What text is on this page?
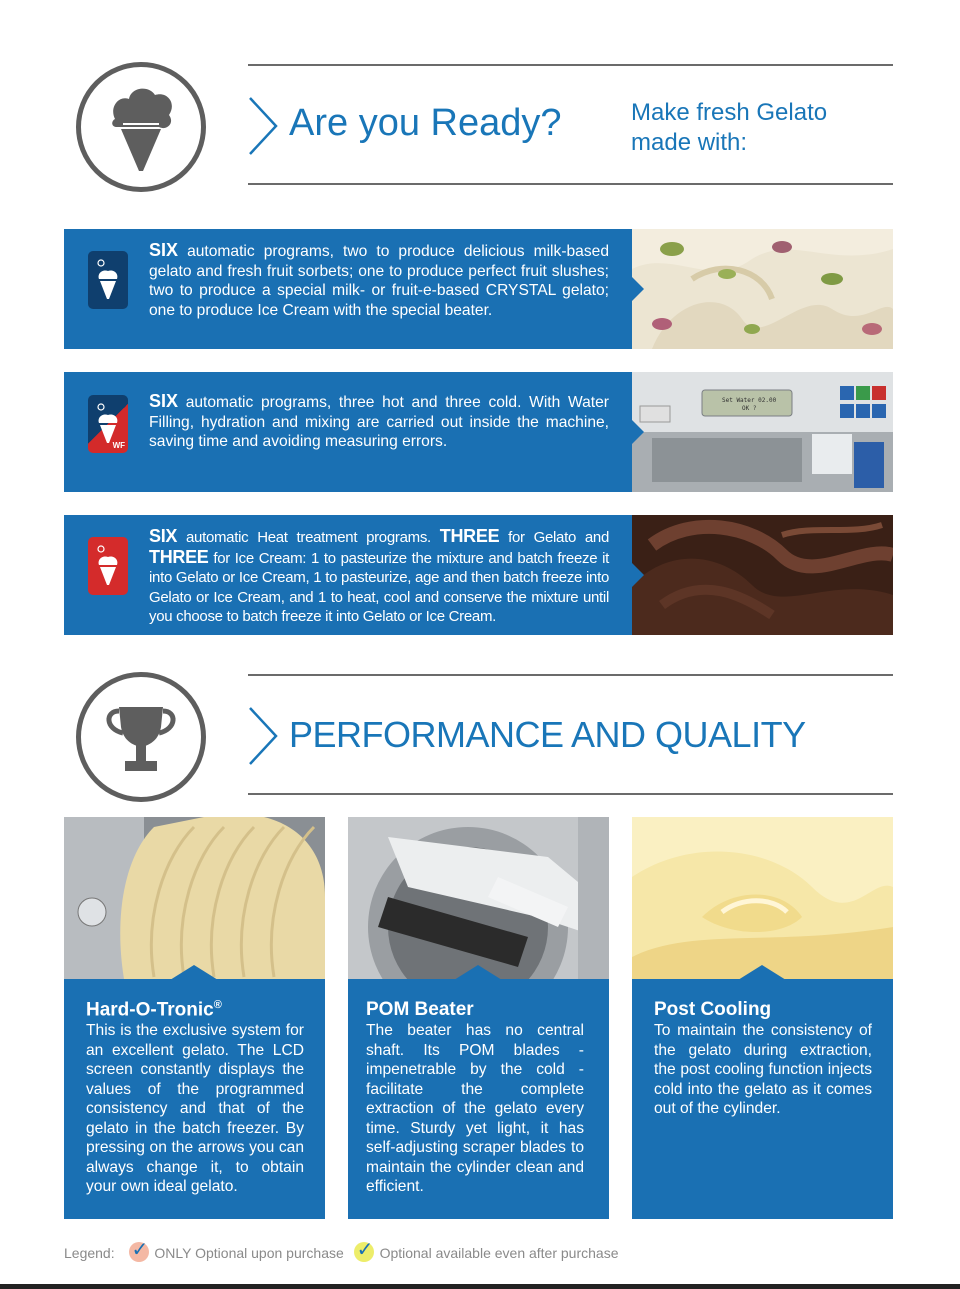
Are you Ready?	Make fresh Gelato made with:
SIX automatic programs, two to produce delicious milk-based gelato and fresh fruit sorbets; one to produce perfect fruit slushes; two to produce a special milk- or fruit-e-based CRYSTAL gelato; one to produce Ice Cream with the special beater.
WF
SIX automatic programs, three hot and three cold. With Water Filling, hydration and mixing are carried out inside the machine, saving time and avoiding measuring errors.
Set Water 02.00
OK ?
SIX automatic Heat treatment programs. THREE for Gelato and THREE for Ice Cream: 1 to pasteurize the mixture and batch freeze it into Gelato or Ice Cream, 1 to pasteurize, age and then batch freeze into Gelato or Ice Cream, and 1 to heat, cool and conserve the mixture until you choose to batch freeze it into Gelato or Ice Cream.
PERFORMANCE AND QUALITY
Hard-O-Tronic®
This is the exclusive system for an excellent gelato. The LCD screen constantly displays the values of the programmed consistency and that of the gelato in the batch freezer. By pressing on the arrows you can always change it, to obtain your own ideal gelato.
POM Beater
The beater has no central shaft. Its POM blades - impenetrable by the cold - facilitate the complete extraction of the gelato every time. Sturdy yet light, it has self-adjusting scraper blades to maintain the cylinder clean and efficient.
Post Cooling
To maintain the consistency of the gelato during extraction, the post cooling function injects cold into the gelato as it comes out of the cylinder.
Legend: ✓ ONLY Optional upon purchase ✓ Optional available even after purchase
